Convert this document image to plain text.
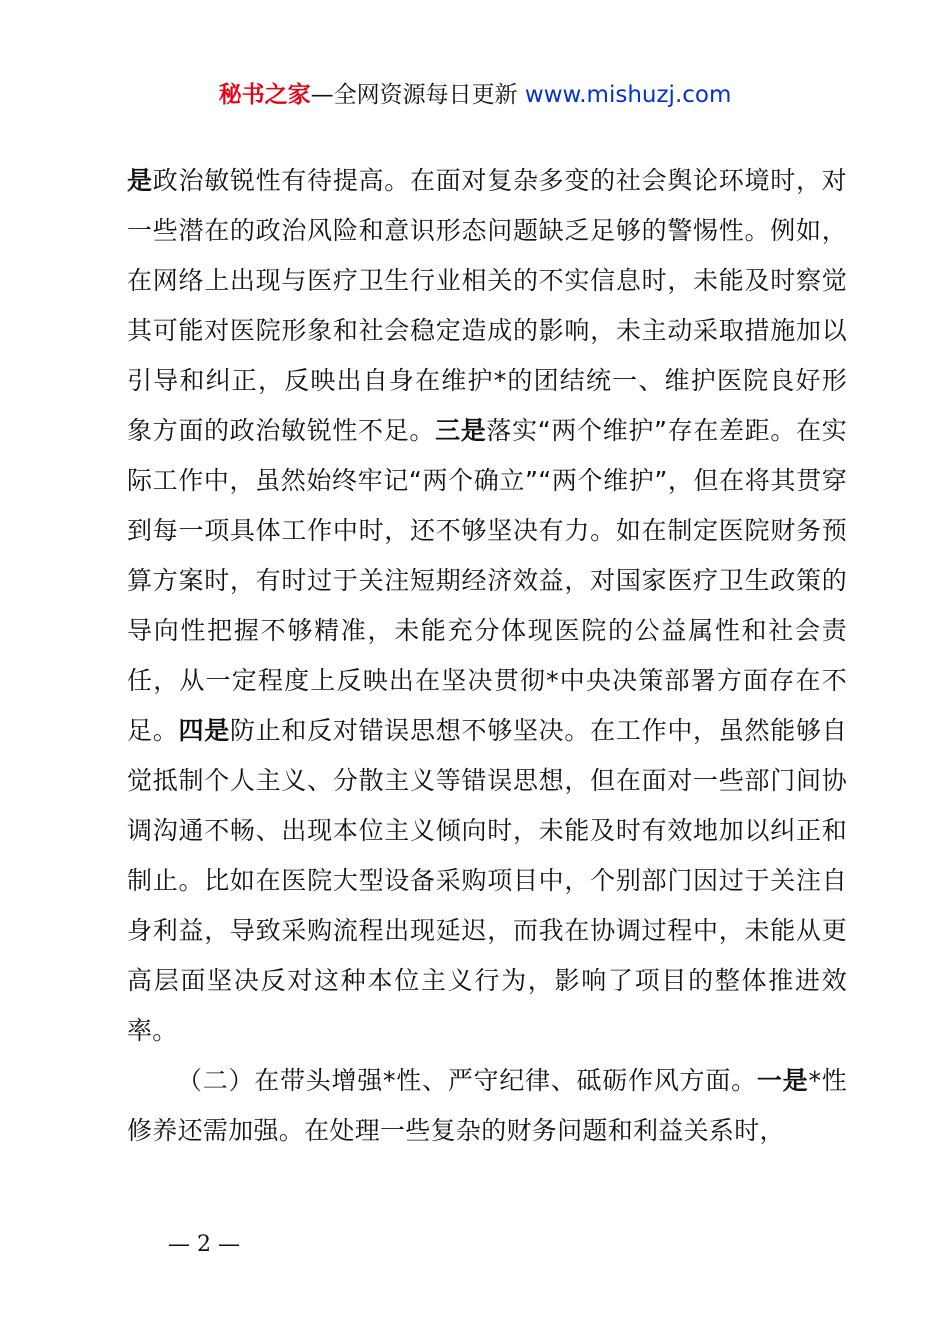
秘书之家—全网资源每日更新 www.mishuzj.com

是政治敏锐性有待提高。在面对复杂多变的社会舆论环境时，对一些潜在的政治风险和意识形态问题缺乏足够的警惕性。例如，在网络上出现与医疗卫生行业相关的不实信息时，未能及时察觉其可能对医院形象和社会稳定造成的影响，未主动采取措施加以引导和纠正，反映出自身在维护*的团结统一、维护医院良好形象方面的政治敏锐性不足。三是落实“两个维护”存在差距。在实际工作中，虽然始终牢记“两个确立”“两个维护”，但在将其贯穿到每一项具体工作中时，还不够坚决有力。如在制定医院财务预算方案时，有时过于关注短期经济效益，对国家医疗卫生政策的导向性把握不够精准，未能充分体现医院的公益属性和社会责任，从一定程度上反映出在坚决贯彻*中央决策部署方面存在不足。四是防止和反对错误思想不够坚决。在工作中，虽然能够自觉抵制个人主义、分散主义等错误思想，但在面对一些部门间协调沟通不畅、出现本位主义倾向时，未能及时有效地加以纠正和制止。比如在医院大型设备采购项目中，个别部门因过于关注自身利益，导致采购流程出现延迟，而我在协调过程中，未能从更高层面坚决反对这种本位主义行为，影响了项目的整体推进效率。

（二）在带头增强*性、严守纪律、砥砺作风方面。一是*性修养还需加强。在处理一些复杂的财务问题和利益关系时，

— 2 —
